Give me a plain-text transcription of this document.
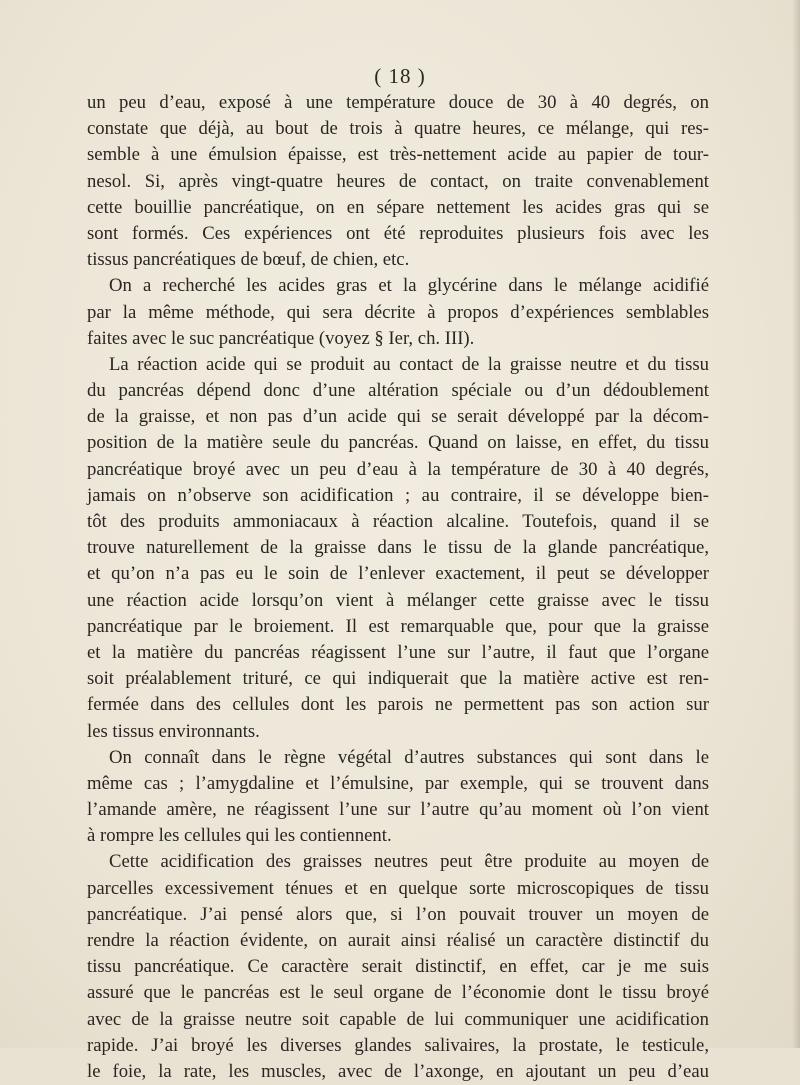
( 18 )
un peu d’eau, exposé à une température douce de 30 à 40 degrés, on
constate que déjà, au bout de trois à quatre heures, ce mélange, qui res-
semble à une émulsion épaisse, est très-nettement acide au papier de tour-
nesol. Si, après vingt-quatre heures de contact, on traite convenablement
cette bouillie pancréatique, on en sépare nettement les acides gras qui se
sont formés. Ces expériences ont été reproduites plusieurs fois avec les
tissus pancréatiques de bœuf, de chien, etc.
On a recherché les acides gras et la glycérine dans le mélange acidifié
par la même méthode, qui sera décrite à propos d’expériences semblables
faites avec le suc pancréatique (voyez § Ier, ch. III).
La réaction acide qui se produit au contact de la graisse neutre et du tissu
du pancréas dépend donc d’une altération spéciale ou d’un dédoublement
de la graisse, et non pas d’un acide qui se serait développé par la décom-
position de la matière seule du pancréas. Quand on laisse, en effet, du tissu
pancréatique broyé avec un peu d’eau à la température de 30 à 40 degrés,
jamais on n’observe son acidification ; au contraire, il se développe bien-
tôt des produits ammoniacaux à réaction alcaline. Toutefois, quand il se
trouve naturellement de la graisse dans le tissu de la glande pancréatique,
et qu’on n’a pas eu le soin de l’enlever exactement, il peut se développer
une réaction acide lorsqu’on vient à mélanger cette graisse avec le tissu
pancréatique par le broiement. Il est remarquable que, pour que la graisse
et la matière du pancréas réagissent l’une sur l’autre, il faut que l’organe
soit préalablement trituré, ce qui indiquerait que la matière active est ren-
fermée dans des cellules dont les parois ne permettent pas son action sur
les tissus environnants.
On connaît dans le règne végétal d’autres substances qui sont dans le
même cas ; l’amygdaline et l’émulsine, par exemple, qui se trouvent dans
l’amande amère, ne réagissent l’une sur l’autre qu’au moment où l’on vient
à rompre les cellules qui les contiennent.
Cette acidification des graisses neutres peut être produite au moyen de
parcelles excessivement ténues et en quelque sorte microscopiques de tissu
pancréatique. J’ai pensé alors que, si l’on pouvait trouver un moyen de
rendre la réaction évidente, on aurait ainsi réalisé un caractère distinctif du
tissu pancréatique. Ce caractère serait distinctif, en effet, car je me suis
assuré que le pancréas est le seul organe de l’économie dont le tissu broyé
avec de la graisse neutre soit capable de lui communiquer une acidification
rapide. J’ai broyé les diverses glandes salivaires, la prostate, le testicule,
le foie, la rate, les muscles, avec de l’axonge, en ajoutant un peu d’eau
